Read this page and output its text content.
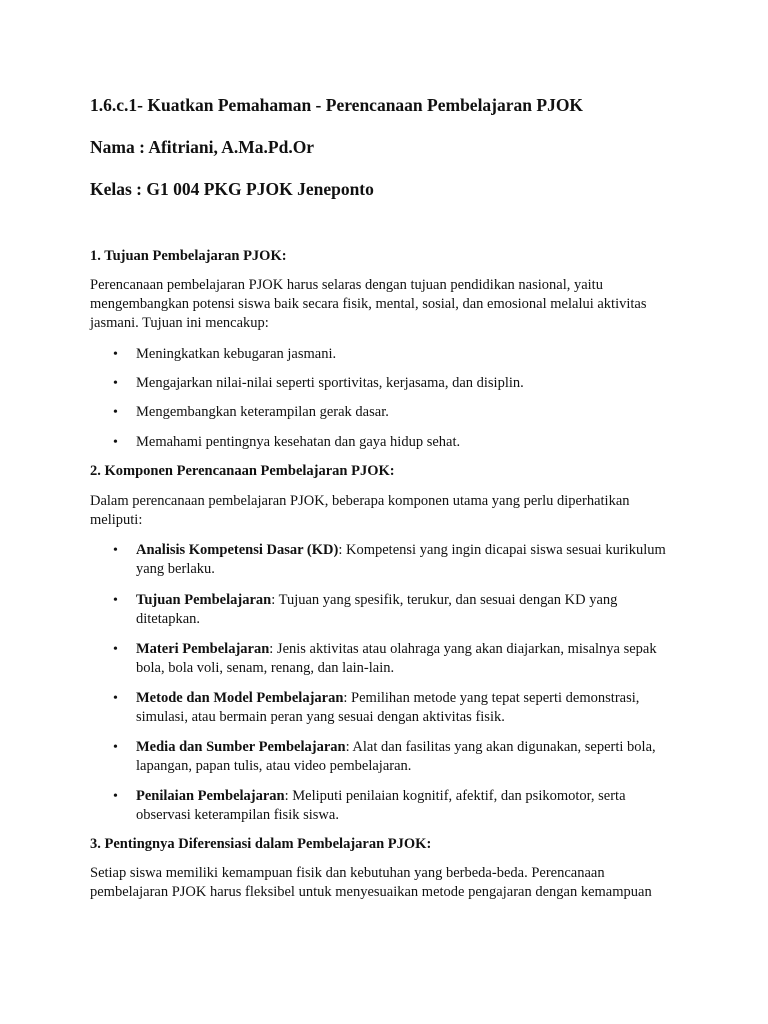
1.6.c.1- Kuatkan Pemahaman - Perencanaan Pembelajaran PJOK
Nama : Afitriani, A.Ma.Pd.Or
Kelas : G1 004 PKG PJOK Jeneponto
1. Tujuan Pembelajaran PJOK:
Perencanaan pembelajaran PJOK harus selaras dengan tujuan pendidikan nasional, yaitu mengembangkan potensi siswa baik secara fisik, mental, sosial, dan emosional melalui aktivitas jasmani. Tujuan ini mencakup:
• Meningkatkan kebugaran jasmani.
• Mengajarkan nilai-nilai seperti sportivitas, kerjasama, dan disiplin.
• Mengembangkan keterampilan gerak dasar.
• Memahami pentingnya kesehatan dan gaya hidup sehat.
2. Komponen Perencanaan Pembelajaran PJOK:
Dalam perencanaan pembelajaran PJOK, beberapa komponen utama yang perlu diperhatikan meliputi:
• Analisis Kompetensi Dasar (KD): Kompetensi yang ingin dicapai siswa sesuai kurikulum yang berlaku.
• Tujuan Pembelajaran: Tujuan yang spesifik, terukur, dan sesuai dengan KD yang ditetapkan.
• Materi Pembelajaran: Jenis aktivitas atau olahraga yang akan diajarkan, misalnya sepak bola, bola voli, senam, renang, dan lain-lain.
• Metode dan Model Pembelajaran: Pemilihan metode yang tepat seperti demonstrasi, simulasi, atau bermain peran yang sesuai dengan aktivitas fisik.
• Media dan Sumber Pembelajaran: Alat dan fasilitas yang akan digunakan, seperti bola, lapangan, papan tulis, atau video pembelajaran.
• Penilaian Pembelajaran: Meliputi penilaian kognitif, afektif, dan psikomotor, serta observasi keterampilan fisik siswa.
3. Pentingnya Diferensiasi dalam Pembelajaran PJOK:
Setiap siswa memiliki kemampuan fisik dan kebutuhan yang berbeda-beda. Perencanaan pembelajaran PJOK harus fleksibel untuk menyesuaikan metode pengajaran dengan kemampuan
